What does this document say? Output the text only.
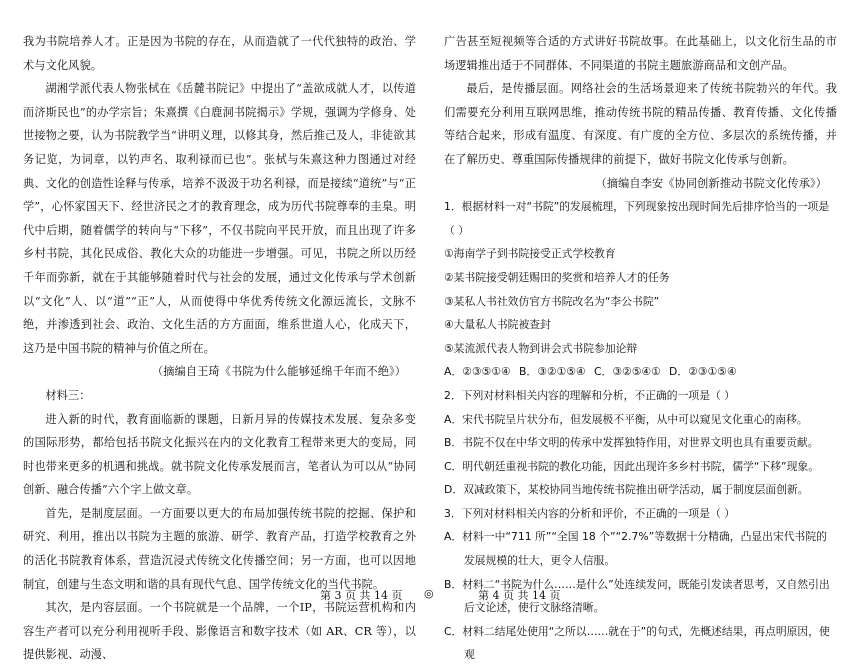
我为书院培养人才。正是因为书院的存在，从而造就了一代代独特的政治、学术与文化风貌。

湖湘学派代表人物张栻在《岳麓书院记》中提出了“盖欲成就人才，以传道而济斯民也”的办学宗旨；朱熹撰《白鹿洞书院揭示》学规，强调为学修身、处世接物之要，认为书院教学当“讲明义理，以修其身，然后推己及人，非徒欲其务记览，为词章，以钓声名、取利禄而已也”。张栻与朱熹这种力图通过对经典、文化的创造性诠释与传承，培养不汲汲于功名利禄，而是接续“道统”与“正学”，心怀家国天下、经世济民之才的教育理念，成为历代书院尊奉的圭臬。明代中后期，随着儒学的转向与“下移”，不仅书院向平民开放，而且出现了许多乡村书院，其化民成俗、教化大众的功能进一步增强。可见，书院之所以历经千年而弥新，就在于其能够随着时代与社会的发展，通过文化传承与学术创新以“文化”人、以“道”“正”人，从而使得中华优秀传统文化源远流长，文脉不绝，并渗透到社会、政治、文化生活的方方面面，维系世道人心，化成天下，这乃是中国书院的精神与价值之所在。

（摘编自王琦《书院为什么能够延绵千年而不绝》）

材料三：

进入新的时代，教育面临新的课题，日新月异的传媒技术发展、复杂多变的国际形势，都给包括书院文化振兴在内的文化教育工程带来更大的变局，同时也带来更多的机遇和挑战。就书院文化传承发展而言，笔者认为可以从“协同创新、融合传播”六个字上做文章。

首先，是制度层面。一方面要以更大的布局加强传统书院的挖掘、保护和研究、利用，推出以书院为主题的旅游、研学、教育产品，打造学校教育之外的活化书院教育体系，营造沉浸式传统文化传播空间；另一方面，也可以因地制宜，创建与生态文明和谐的具有现代气息、国学传统文化的当代书院。

其次，是内容层面。一个书院就是一个品牌，一个IP，书院运营机构和内容生产者可以充分利用视听手段、影像语言和数字技术（如 AR、CR 等），以提供影视、动漫、

广告甚至短视频等合适的方式讲好书院故事。在此基础上，以文化衍生品的市场逻辑推出适于不同群体、不同渠道的书院主题旅游商品和文创产品。

最后，是传播层面。网络社会的生活场景迎来了传统书院勃兴的年代。我们需要充分利用互联网思维，推动传统书院的精品传播、教育传播、文化传播等结合起来，形成有温度、有深度、有广度的全方位、多层次的系统传播，并在了解历史、尊重国际传播规律的前提下，做好书院文化传承与创新。

（摘编自李安《协同创新推动书院文化传承》）

1．根据材料一对“书院”的发展梳理，下列现象按出现时间先后排序恰当的一项是（ ）

①海南学子到书院接受正式学校教育

②某书院接受朝廷赐田的奖赏和培养人才的任务

③某私人书社效仿官方书院改名为“李公书院”

④大量私人书院被查封

⑤某流派代表人物到讲会式书院参加论辩

A．②③⑤①④ B．③②①⑤④ C．③②⑤④① D．②③①⑤④

2．下列对材料相关内容的理解和分析，不正确的一项是（ ）

A．宋代书院呈片状分布，但发展极不平衡，从中可以窥见文化重心的南移。

B．书院不仅在中华文明的传承中发挥独特作用，对世界文明也具有重要贡献。

C．明代朝廷重视书院的教化功能，因此出现许多乡村书院，儒学“下移”现象。

D．双减政策下，某校协同当地传统书院推出研学活动，属于制度层面创新。

3．下列对材料相关内容的分析和评价，不正确的一项是（ ）

A．材料一中“711 所”“全国 18 个”“2.7%”等数据十分精确，凸显出宋代书院的发展规模的壮大，更令人信服。

B．材料二“书院为什么……是什么”处连续发问，既能引发读者思考，又自然引出后文论述，使行文脉络清晰。

C．材料二结尾处使用“之所以……就在于”的句式，先概述结果，再点明原因，使观

第 3 页 共 14 页 ◎	第 4 页 共 14 页
